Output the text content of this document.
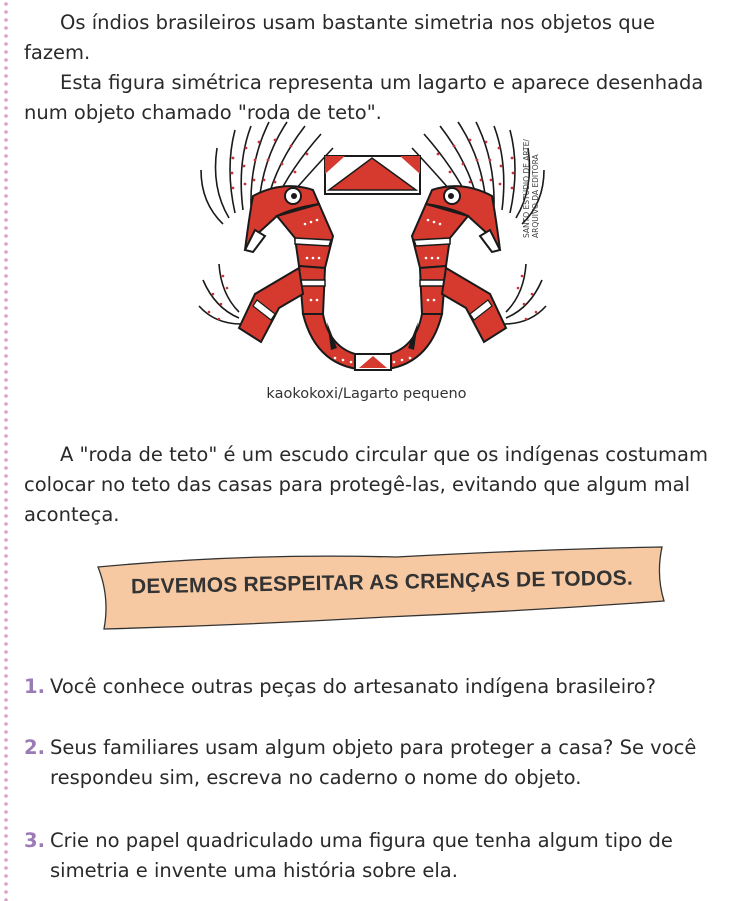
Os índios brasileiros usam bastante simetria nos objetos que fazem.
Esta figura simétrica representa um lagarto e aparece desenhada
num objeto chamado "roda de teto".
SANTO ESTÚDIO DE ARTE/ ARQUIVO DA EDITORA
kaokokoxi/Lagarto pequeno
A "roda de teto" é um escudo circular que os indígenas costumam
colocar no teto das casas para protegê-las, evitando que algum mal
aconteça.
DEVEMOS RESPEITAR AS CRENÇAS DE TODOS.
1. Você conhece outras peças do artesanato indígena brasileiro?
2. Seus familiares usam algum objeto para proteger a casa? Se você
respondeu sim, escreva no caderno o nome do objeto.
3. Crie no papel quadriculado uma figura que tenha algum tipo de
simetria e invente uma história sobre ela.
